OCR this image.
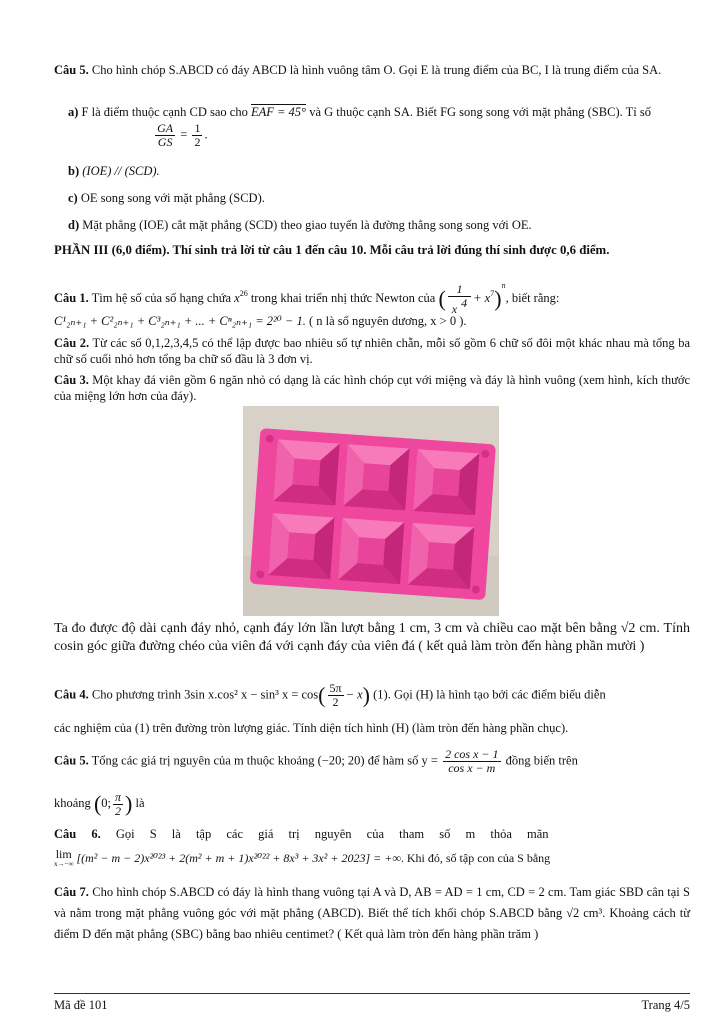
Câu 5. Cho hình chóp S.ABCD có đáy ABCD là hình vuông tâm O. Gọi E là trung điểm của BC, I là trung điểm của SA.
a) F là điểm thuộc cạnh CD sao cho EAF = 45° và G thuộc cạnh SA. Biết FG song song với mặt phẳng (SBC). Tỉ số

$\frac{GA}{GS} = \frac{1}{2}$ .
b) (IOE) // (SCD).
c) OE song song với mặt phẳng (SCD).
d) Mặt phẳng (IOE) cắt mặt phẳng (SCD) theo giao tuyến là đường thẳng song song với OE.
PHẦN III (6,0 điểm). Thí sinh trả lời từ câu 1 đến câu 10. Mỗi câu trả lời đúng thí sinh được 0,6 điểm.
Câu 1. Tìm hệ số của số hạng chứa $x^{26}$ trong khai triển nhị thức Newton của ( $\frac{1}{x 4} + x^7)^n$, biết rằng:
C¹₂ₙ₊₁ + C²₂ₙ₊₁ + C³₂ₙ₊₁ + ... + Cⁿ₂ₙ₊₁ = 2²⁰ − 1. ( n là số nguyên dương, x > 0 ).
Câu 2. Từ các số 0,1,2,3,4,5 có thể lập được bao nhiêu số tự nhiên chẵn, mỗi số gồm 6 chữ số đôi một khác nhau mà tổng ba chữ số cuối nhỏ hơn tổng ba chữ số đầu là 3 đơn vị.
Câu 3. Một khay đá viên gồm 6 ngăn nhỏ có dạng là các hình chóp cụt với miệng và đáy là hình vuông (xem hình, kích thước của miệng lớn hơn của đáy).
Ta đo được độ dài cạnh đáy nhỏ, cạnh đáy lớn lần lượt bằng 1 cm, 3 cm và chiều cao mặt bên bằng √2 cm. Tính cosin góc giữa đường chéo của viên đá với cạnh đáy của viên đá ( kết quả làm tròn đến hàng phần mười )
Câu 4. Cho phương trình 3sin x.cos² x − sin³ $x = \cos( \frac{5\pi}{2} - x)$ (1). Gọi (H) là hình tạo bởi các điểm biểu diễn
các nghiệm của (1) trên đường tròn lượng giác. Tính diện tích hình (H) (làm tròn đến hàng phần chục).
Câu 5. Tổng các giá trị nguyên của m thuộc khoảng (−20; 20) để hàm số $y = \frac{\text{2 cos x − 1}}{\text{cos x − m}}$ đồng biến trên
khoảng (0; $\frac{\pi}{2}$ ) là
Câu 6. Gọi S là tập các giá trị nguyên của tham số m thỏa mãn
lim
x→−∞ [(m² − m − 2)x²⁰²³ + 2(m² + m + 1)x²⁰²² + 8x³ + 3x² + 2023] = +∞. Khi đó, số tập con của S bằng
Câu 7. Cho hình chóp S.ABCD có đáy là hình thang vuông tại A và D, AB = AD = 1 cm, CD = 2 cm. Tam giác SBD cân tại S và nằm trong mặt phẳng vuông góc với mặt phẳng (ABCD). Biết thể tích khối chóp S.ABCD bằng √2 cm³. Khoảng cách từ điểm D đến mặt phẳng (SBC) bằng bao nhiêu centimet? ( Kết quả làm tròn đến hàng phần trăm )
Mã đề 101	Trang 4/5
